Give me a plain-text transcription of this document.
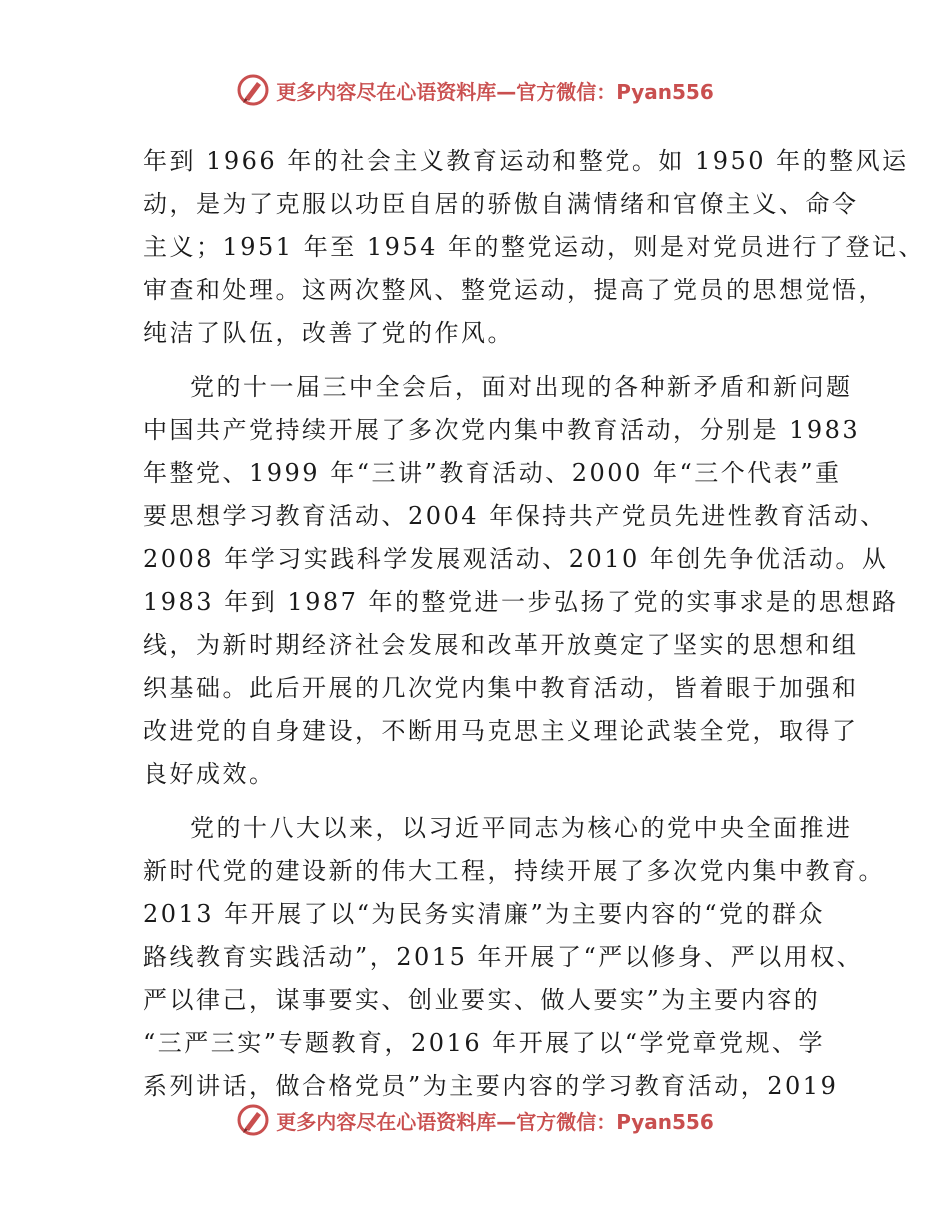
更多内容尽在心语资料库—官方微信：Pyan556
年到 1966 年的社会主义教育运动和整党。如 1950 年的整风运
动，是为了克服以功臣自居的骄傲自满情绪和官僚主义、命令
主义；1951 年至 1954 年的整党运动，则是对党员进行了登记、
审查和处理。这两次整风、整党运动，提高了党员的思想觉悟，
纯洁了队伍，改善了党的作风。
党的十一届三中全会后，面对出现的各种新矛盾和新问题
中国共产党持续开展了多次党内集中教育活动，分别是 1983
年整党、1999 年“三讲”教育活动、2000 年“三个代表”重
要思想学习教育活动、2004 年保持共产党员先进性教育活动、
2008 年学习实践科学发展观活动、2010 年创先争优活动。从
1983 年到 1987 年的整党进一步弘扬了党的实事求是的思想路
线，为新时期经济社会发展和改革开放奠定了坚实的思想和组
织基础。此后开展的几次党内集中教育活动，皆着眼于加强和
改进党的自身建设，不断用马克思主义理论武装全党，取得了
良好成效。
党的十八大以来，以习近平同志为核心的党中央全面推进
新时代党的建设新的伟大工程，持续开展了多次党内集中教育。
2013 年开展了以“为民务实清廉”为主要内容的“党的群众
路线教育实践活动”，2015 年开展了“严以修身、严以用权、
严以律己，谋事要实、创业要实、做人要实”为主要内容的
“三严三实”专题教育，2016 年开展了以“学党章党规、学
系列讲话，做合格党员”为主要内容的学习教育活动，2019
更多内容尽在心语资料库—官方微信：Pyan556
